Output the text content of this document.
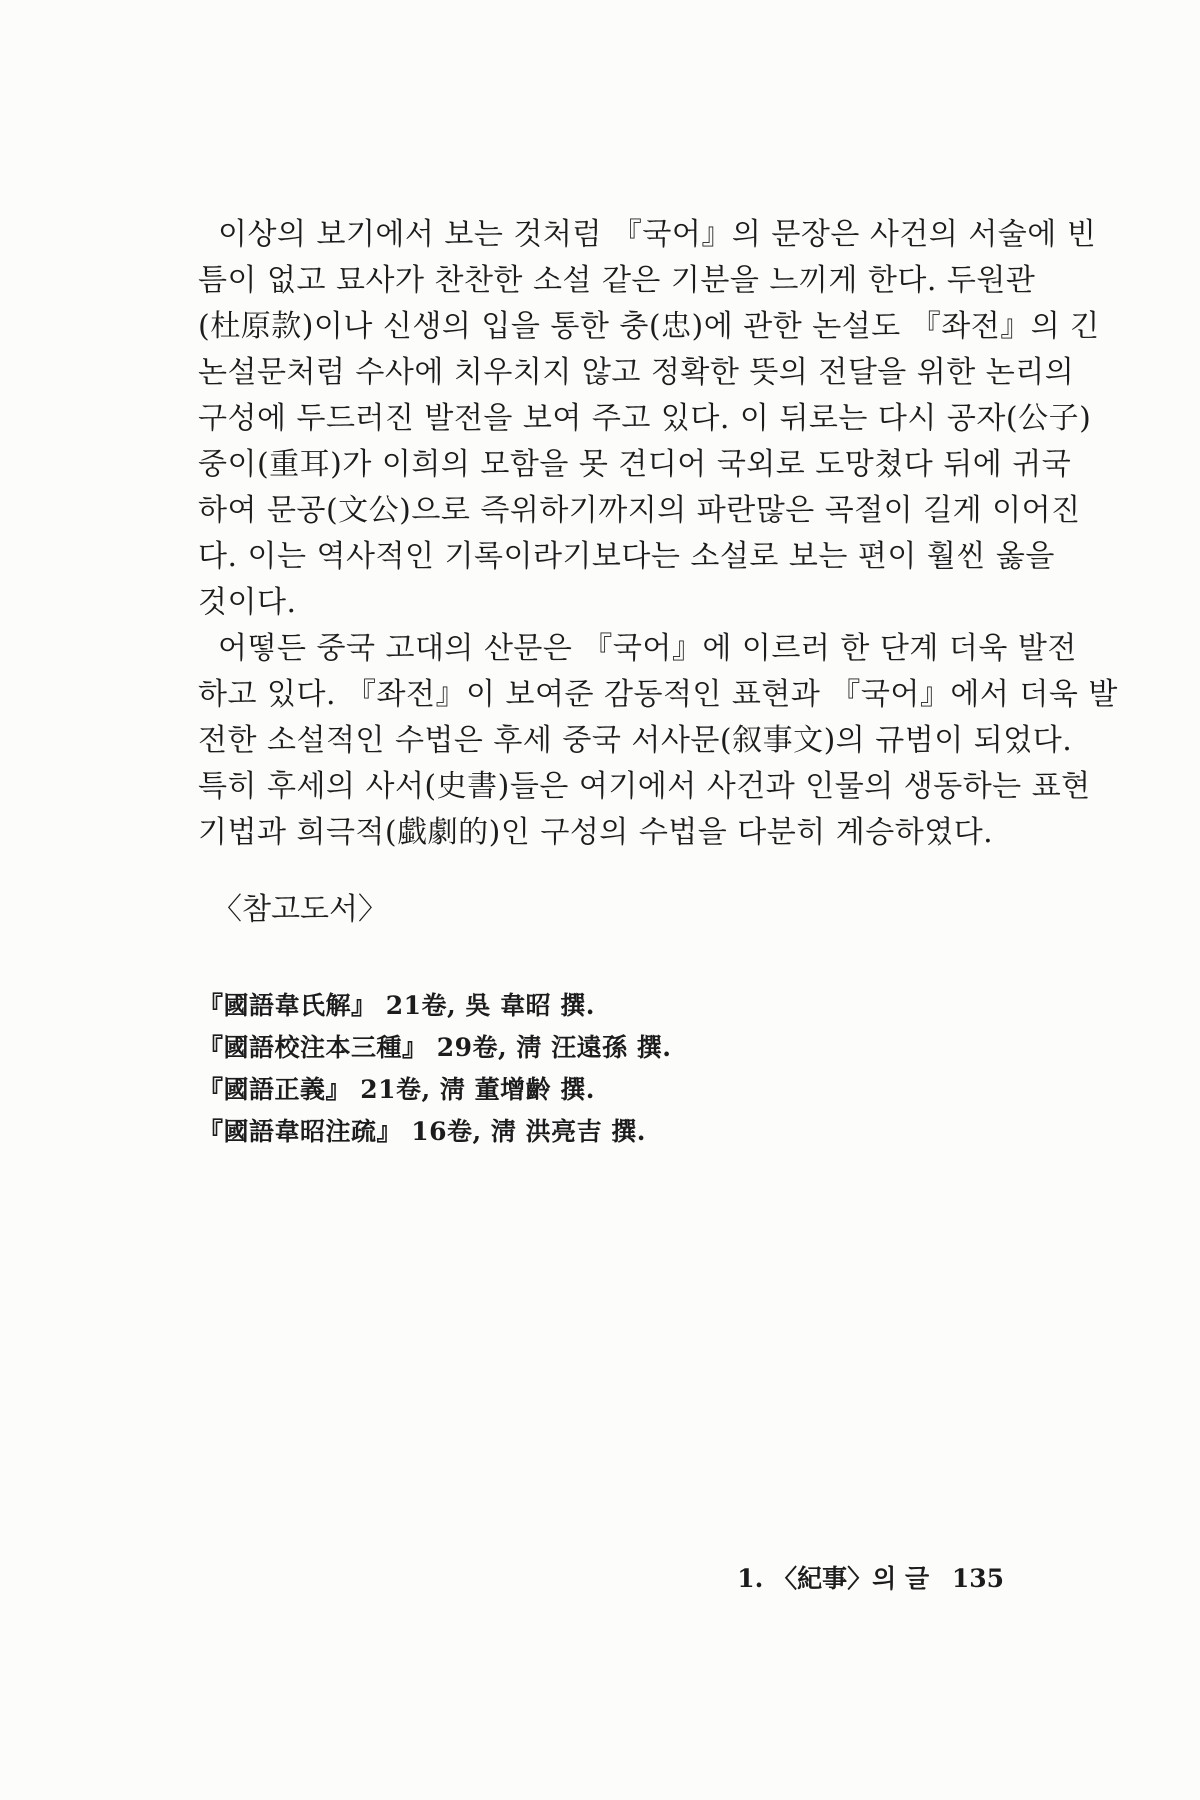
이상의 보기에서 보는 것처럼 『국어』의 문장은 사건의 서술에 빈
틈이 없고 묘사가 찬찬한 소설 같은 기분을 느끼게 한다. 두원관
(杜原款)이나 신생의 입을 통한 충(忠)에 관한 논설도 『좌전』의 긴
논설문처럼 수사에 치우치지 않고 정확한 뜻의 전달을 위한 논리의
구성에 두드러진 발전을 보여 주고 있다. 이 뒤로는 다시 공자(公子)
중이(重耳)가 이희의 모함을 못 견디어 국외로 도망쳤다 뒤에 귀국
하여 문공(文公)으로 즉위하기까지의 파란많은 곡절이 길게 이어진
다. 이는 역사적인 기록이라기보다는 소설로 보는 편이 훨씬 옳을
것이다.
어떻든 중국 고대의 산문은 『국어』에 이르러 한 단계 더욱 발전
하고 있다. 『좌전』이 보여준 감동적인 표현과 『국어』에서 더욱 발
전한 소설적인 수법은 후세 중국 서사문(叙事文)의 규범이 되었다.
특히 후세의 사서(史書)들은 여기에서 사건과 인물의 생동하는 표현
기법과 희극적(戱劇的)인 구성의 수법을 다분히 계승하였다.
〈참고도서〉
『國語韋氏解』 21卷, 吳 韋昭 撰.
『國語校注本三種』 29卷, 淸 汪遠孫 撰.
『國語正義』 21卷, 淸 董增齡 撰.
『國語韋昭注疏』 16卷, 淸 洪亮吉 撰.
1. 〈紀事〉의 글 135
